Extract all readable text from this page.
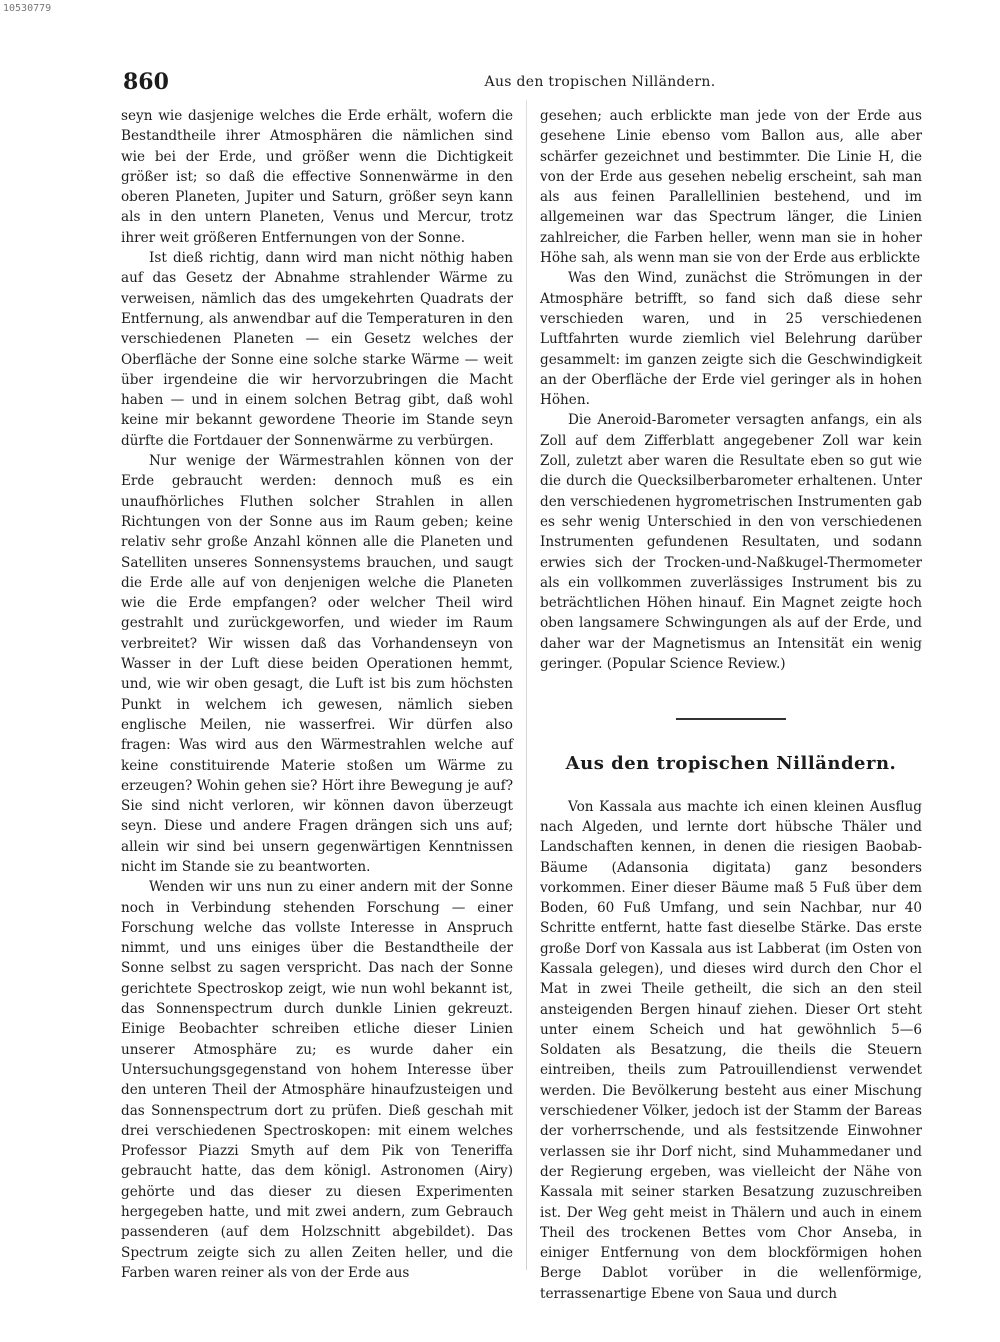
10530779
860	Aus den tropischen Nilländern.

seyn wie dasjenige welches die Erde erhält, wofern die Bestandtheile ihrer Atmosphären die nämlichen sind wie bei der Erde, und größer wenn die Dichtigkeit größer ist; so daß die effective Sonnenwärme in den oberen Planeten, Jupiter und Saturn, größer seyn kann als in den untern Planeten, Venus und Mercur, trotz ihrer weit größeren Entfernungen von der Sonne.

Ist dieß richtig, dann wird man nicht nöthig haben auf das Gesetz der Abnahme strahlender Wärme zu verweisen, nämlich das des umgekehrten Quadrats der Entfernung, als anwendbar auf die Temperaturen in den verschiedenen Planeten — ein Gesetz welches der Oberfläche der Sonne eine solche starke Wärme — weit über irgendeine die wir hervorzubringen die Macht haben — und in einem solchen Betrag gibt, daß wohl keine mir bekannt gewordene Theorie im Stande seyn dürfte die Fortdauer der Sonnenwärme zu verbürgen.

Nur wenige der Wärmestrahlen können von der Erde gebraucht werden: dennoch muß es ein unaufhörliches Fluthen solcher Strahlen in allen Richtungen von der Sonne aus im Raum geben; keine relativ sehr große Anzahl können alle die Planeten und Satelliten unseres Sonnensystems brauchen, und saugt die Erde alle auf von denjenigen welche die Planeten wie die Erde empfangen? oder welcher Theil wird gestrahlt und zurückgeworfen, und wieder im Raum verbreitet? Wir wissen daß das Vorhandenseyn von Wasser in der Luft diese beiden Operationen hemmt, und, wie wir oben gesagt, die Luft ist bis zum höchsten Punkt in welchem ich gewesen, nämlich sieben englische Meilen, nie wasserfrei. Wir dürfen also fragen: Was wird aus den Wärmestrahlen welche auf keine constituirende Materie stoßen um Wärme zu erzeugen? Wohin gehen sie? Hört ihre Bewegung je auf? Sie sind nicht verloren, wir können davon überzeugt seyn. Diese und andere Fragen drängen sich uns auf; allein wir sind bei unsern gegenwärtigen Kenntnissen nicht im Stande sie zu beantworten.

Wenden wir uns nun zu einer andern mit der Sonne noch in Verbindung stehenden Forschung — einer Forschung welche das vollste Interesse in Anspruch nimmt, und uns einiges über die Bestandtheile der Sonne selbst zu sagen verspricht. Das nach der Sonne gerichtete Spectroskop zeigt, wie nun wohl bekannt ist, das Sonnenspectrum durch dunkle Linien gekreuzt. Einige Beobachter schreiben etliche dieser Linien unserer Atmosphäre zu; es wurde daher ein Untersuchungsgegenstand von hohem Interesse über den unteren Theil der Atmosphäre hinaufzusteigen und das Sonnenspectrum dort zu prüfen. Dieß geschah mit drei verschiedenen Spectroskopen: mit einem welches Professor Piazzi Smyth auf dem Pik von Teneriffa gebraucht hatte, das dem königl. Astronomen (Airy) gehörte und das dieser zu diesen Experimenten hergegeben hatte, und mit zwei andern, zum Gebrauch passenderen (auf dem Holzschnitt abgebildet). Das Spectrum zeigte sich zu allen Zeiten heller, und die Farben waren reiner als von der Erde aus

gesehen; auch erblickte man jede von der Erde aus gesehene Linie ebenso vom Ballon aus, alle aber schärfer gezeichnet und bestimmter. Die Linie H, die von der Erde aus gesehen nebelig erscheint, sah man als aus feinen Parallellinien bestehend, und im allgemeinen war das Spectrum länger, die Linien zahlreicher, die Farben heller, wenn man sie in hoher Höhe sah, als wenn man sie von der Erde aus erblickte

Was den Wind, zunächst die Strömungen in der Atmosphäre betrifft, so fand sich daß diese sehr verschieden waren, und in 25 verschiedenen Luftfahrten wurde ziemlich viel Belehrung darüber gesammelt: im ganzen zeigte sich die Geschwindigkeit an der Oberfläche der Erde viel geringer als in hohen Höhen.

Die Aneroid-Barometer versagten anfangs, ein als Zoll auf dem Zifferblatt angegebener Zoll war kein Zoll, zuletzt aber waren die Resultate eben so gut wie die durch die Quecksilberbarometer erhaltenen. Unter den verschiedenen hygrometrischen Instrumenten gab es sehr wenig Unterschied in den von verschiedenen Instrumenten gefundenen Resultaten, und sodann erwies sich der Trocken-und-Naßkugel-Thermometer als ein vollkommen zuverlässiges Instrument bis zu beträchtlichen Höhen hinauf. Ein Magnet zeigte hoch oben langsamere Schwingungen als auf der Erde, und daher war der Magnetismus an Intensität ein wenig geringer. (Popular Science Review.)

Aus den tropischen Nilländern.

Von Kassala aus machte ich einen kleinen Ausflug nach Algeden, und lernte dort hübsche Thäler und Landschaften kennen, in denen die riesigen Baobab-Bäume (Adansonia digitata) ganz besonders vorkommen. Einer dieser Bäume maß 5 Fuß über dem Boden, 60 Fuß Umfang, und sein Nachbar, nur 40 Schritte entfernt, hatte fast dieselbe Stärke. Das erste große Dorf von Kassala aus ist Labberat (im Osten von Kassala gelegen), und dieses wird durch den Chor el Mat in zwei Theile getheilt, die sich an den steil ansteigenden Bergen hinauf ziehen. Dieser Ort steht unter einem Scheich und hat gewöhnlich 5—6 Soldaten als Besatzung, die theils die Steuern eintreiben, theils zum Patrouillendienst verwendet werden. Die Bevölkerung besteht aus einer Mischung verschiedener Völker, jedoch ist der Stamm der Bareas der vorherrschende, und als festsitzende Einwohner verlassen sie ihr Dorf nicht, sind Muhammedaner und der Regierung ergeben, was vielleicht der Nähe von Kassala mit seiner starken Besatzung zuzuschreiben ist. Der Weg geht meist in Thälern und auch in einem Theil des trockenen Bettes vom Chor Anseba, in einiger Entfernung von dem blockförmigen hohen Berge Dablot vorüber in die wellenförmige, terrassenartige Ebene von Saua und durch
